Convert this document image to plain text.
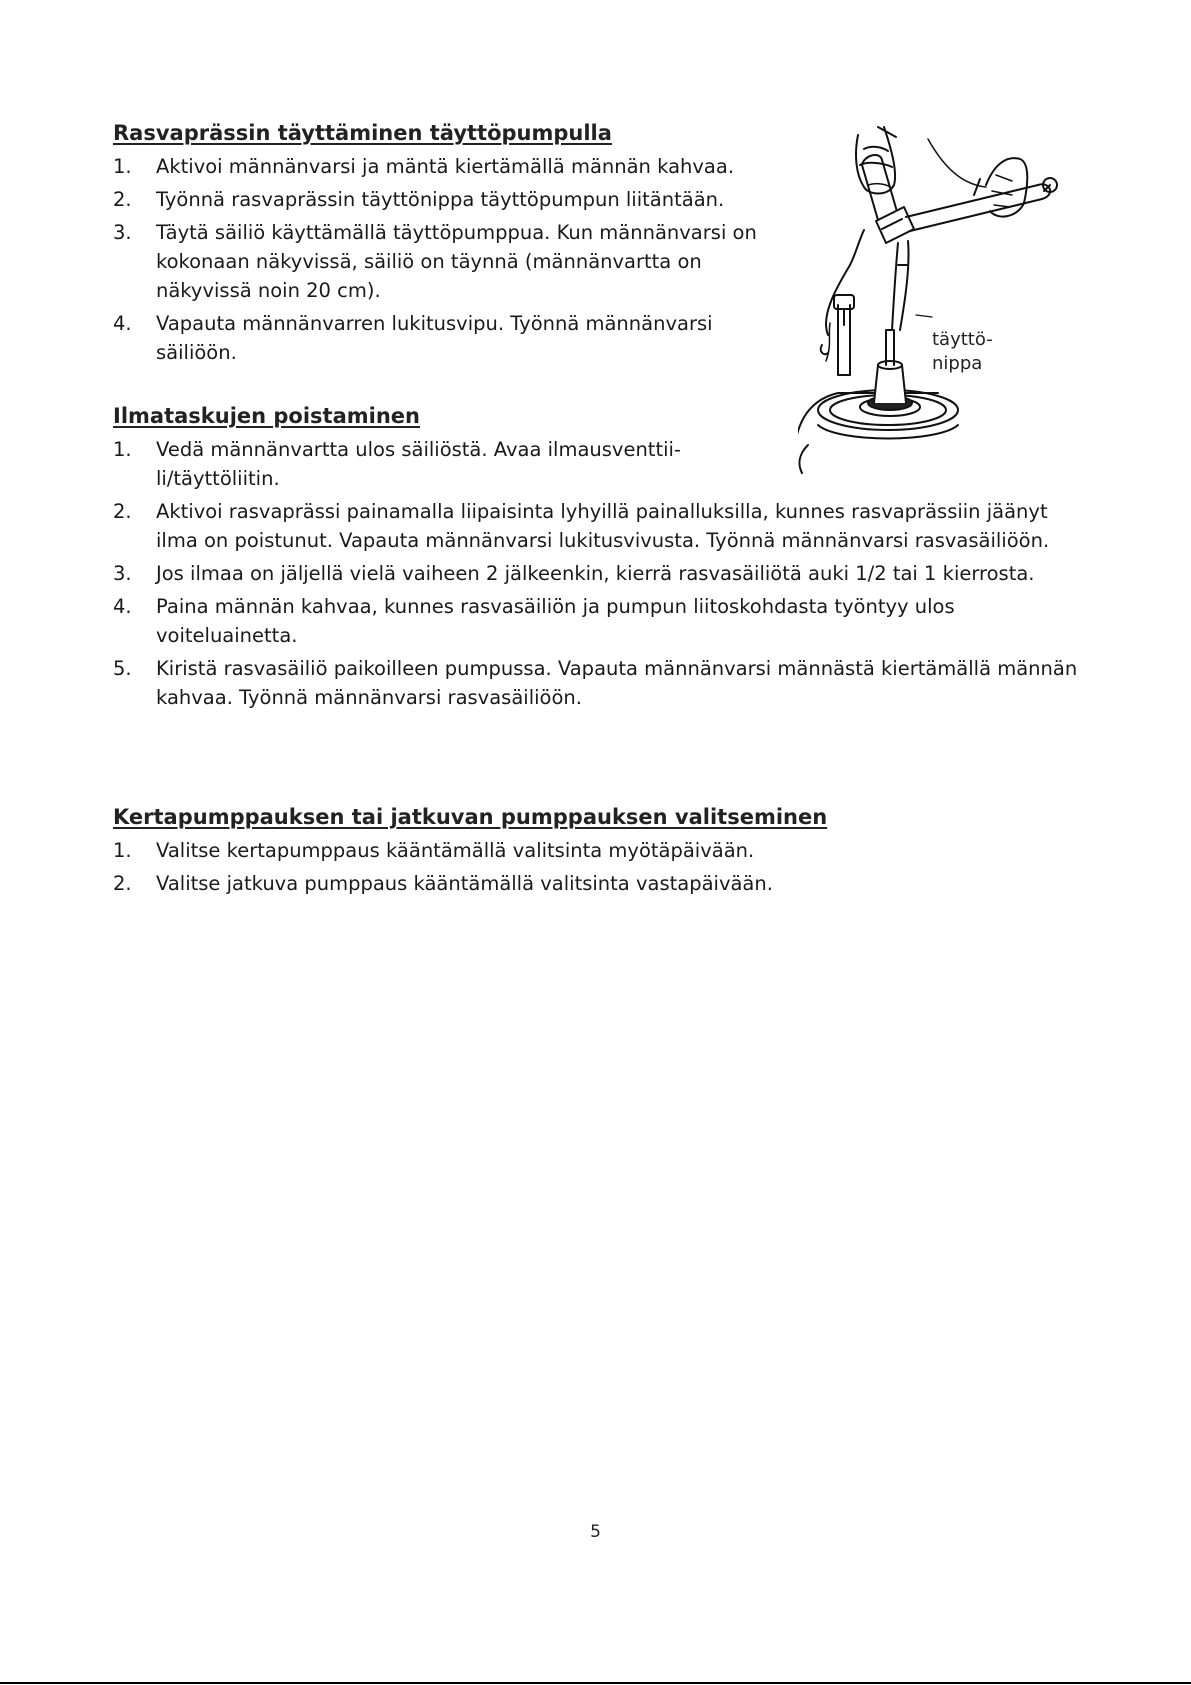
Rasvaprässin täyttäminen täyttöpumpulla
1.	Aktivoi männänvarsi ja mäntä kiertämällä männän kahvaa.
2.	Työnnä rasvaprässin täyttönippa täyttöpumpun liitäntään.
3.	Täytä säiliö käyttämällä täyttöpumppua. Kun männänvarsi on kokonaan näkyvissä, säiliö on täynnä (männänvartta on näkyvissä noin 20 cm).
4.	Vapauta männänvarren lukitusvipu. Työnnä männänvarsi säiliöön.
täyttö-
nippa
Ilmataskujen poistaminen
1.	Vedä männänvartta ulos säiliöstä. Avaa ilmausventtii-li/täyttöliitin.
2.	Aktivoi rasvaprässi painamalla liipaisinta lyhyillä painalluksilla, kunnes rasvaprässiin jäänyt ilma on poistunut. Vapauta männänvarsi lukitusvivusta. Työnnä männänvarsi rasvasäiliöön.
3.	Jos ilmaa on jäljellä vielä vaiheen 2 jälkeenkin, kierrä rasvasäiliötä auki 1/2 tai 1 kierrosta.
4.	Paina männän kahvaa, kunnes rasvasäiliön ja pumpun liitoskohdasta työntyy ulos voiteluainetta.
5.	Kiristä rasvasäiliö paikoilleen pumpussa. Vapauta männänvarsi männästä kiertämällä männän kahvaa. Työnnä männänvarsi rasvasäiliöön.
Kertapumppauksen tai jatkuvan pumppauksen valitseminen
1.	Valitse kertapumppaus kääntämällä valitsinta myötäpäivään.
2.	Valitse jatkuva pumppaus kääntämällä valitsinta vastapäivään.
5
